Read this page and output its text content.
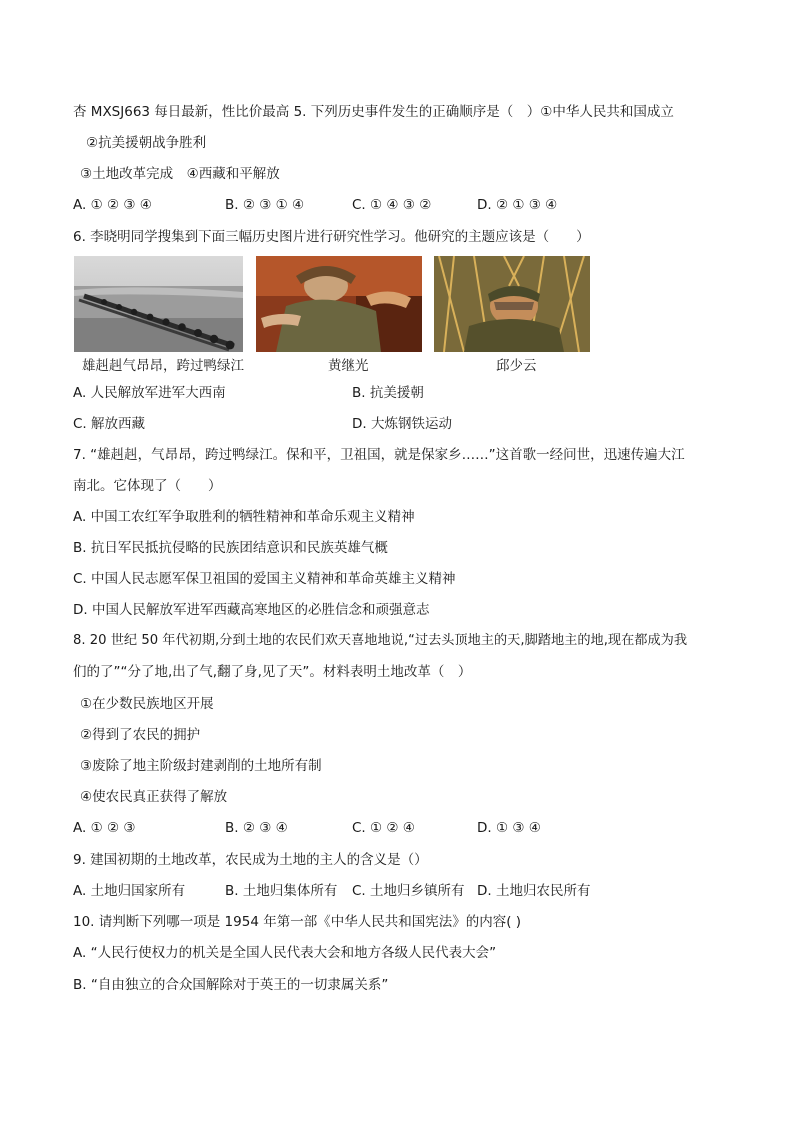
杏 MXSJ663 每日最新，性比价最高 5. 下列历史事件发生的正确顺序是（　）①中华人民共和国成立
②抗美援朝战争胜利
③土地改革完成　④西藏和平解放
A. ① ② ③ ④	B. ② ③ ① ④	C. ① ④ ③ ②	D. ② ① ③ ④
6. 李晓明同学搜集到下面三幅历史图片进行研究性学习。他研究的主题应该是（　　）
雄赳赳气昂昂，跨过鸭绿江	黄继光	邱少云
A. 人民解放军进军大西南	B. 抗美援朝
C. 解放西藏	D. 大炼钢铁运动
7. “雄赳赳，气昂昂，跨过鸭绿江。保和平，卫祖国，就是保家乡……”这首歌一经问世，迅速传遍大江
南北。它体现了（　　）
A. 中国工农红军争取胜利的牺牲精神和革命乐观主义精神
B. 抗日军民抵抗侵略的民族团结意识和民族英雄气概
C. 中国人民志愿军保卫祖国的爱国主义精神和革命英雄主义精神
D. 中国人民解放军进军西藏高寒地区的必胜信念和顽强意志
8. 20 世纪 50 年代初期,分到土地的农民们欢天喜地地说,“过去头顶地主的天,脚踏地主的地,现在都成为我
们的了”“分了地,出了气,翻了身,见了天”。材料表明土地改革（　）
①在少数民族地区开展
②得到了农民的拥护
③废除了地主阶级封建剥削的土地所有制
④使农民真正获得了解放
A. ① ② ③	B. ② ③ ④	C. ① ② ④	D. ① ③ ④
9. 建国初期的土地改革，农民成为土地的主人的含义是（）
A. 土地归国家所有	B. 土地归集体所有 C. 土地归乡镇所有 D. 土地归农民所有
10. 请判断下列哪一项是 1954 年第一部《中华人民共和国宪法》的内容( )
A. “人民行使权力的机关是全国人民代表大会和地方各级人民代表大会”
B. “自由独立的合众国解除对于英王的一切隶属关系”
